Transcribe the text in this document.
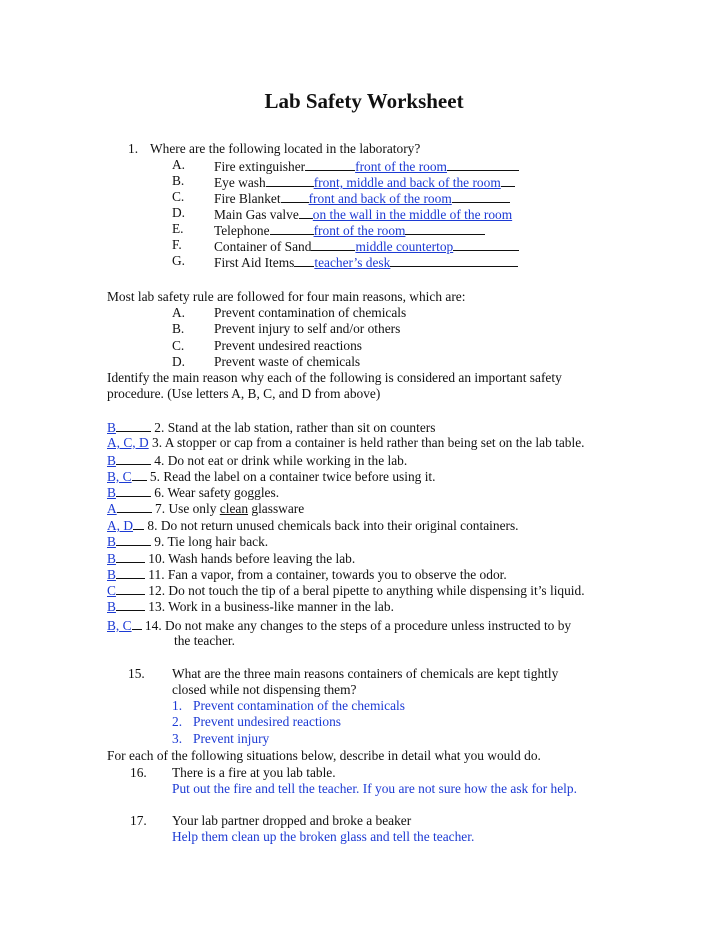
Lab Safety Worksheet
1. Where are the following located in the laboratory?
A. Fire extinguisher	front of the room
B. Eye wash	front, middle and back of the room
C. Fire Blanket front and back of the room
D. Main Gas valve on the wall in the middle of the room
E. Telephone	front of the room
F. Container of Sand	middle countertop
G. First Aid Items teacher’s desk
Most lab safety rule are followed for four main reasons, which are:
A. Prevent contamination of chemicals
B. Prevent injury to self and/or others
C. Prevent undesired reactions
D. Prevent waste of chemicals
Identify the main reason why each of the following is considered an important safety
procedure. (Use letters A, B, C, and D from above)
B	2. Stand at the lab station, rather than sit on counters
A, C, D 3. A stopper or cap from a container is held rather than being set on the lab table.
B	4. Do not eat or drink while working in the lab.
B, C 5. Read the label on a container twice before using it.
B	6. Wear safety goggles.
A	7. Use only clean glassware
A, D 8. Do not return unused chemicals back into their original containers.
B	9. Tie long hair back.
B 10. Wash hands before leaving the lab.
B 11. Fan a vapor, from a container, towards you to observe the odor.
C 12. Do not touch the tip of a beral pipette to anything while dispensing it’s liquid.
B 13. Work in a business-like manner in the lab.
B, C 14. Do not make any changes to the steps of a procedure unless instructed to by
the teacher.
15. What are the three main reasons containers of chemicals are kept tightly
closed while not dispensing them?
1. Prevent contamination of the chemicals
2. Prevent undesired reactions
3. Prevent injury
For each of the following situations below, describe in detail what you would do.
16. There is a fire at you lab table.
Put out the fire and tell the teacher. If you are not sure how the ask for help.
17. Your lab partner dropped and broke a beaker
Help them clean up the broken glass and tell the teacher.
